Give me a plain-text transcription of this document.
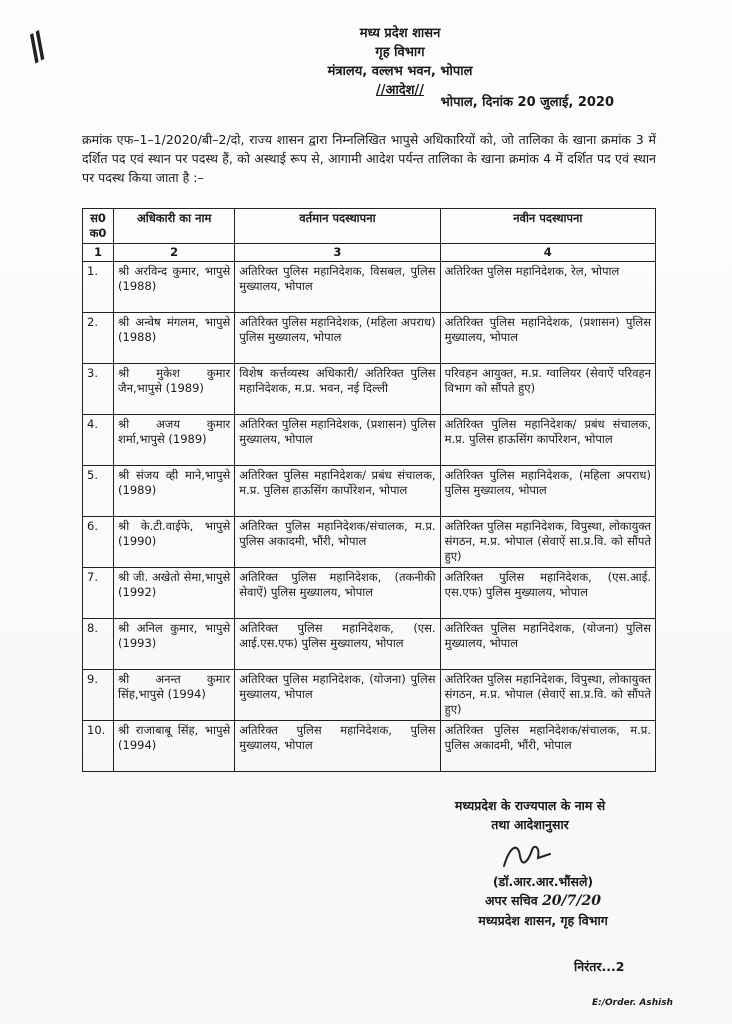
//	मध्य प्रदेश शासन
गृह विभाग
मंत्रालय, वल्लभ भवन, भोपाल
//आदेश//
भोपाल, दिनांक 20 जुलाई, 2020
क्रमांक एफ–1–1/2020/बी–2/दो, राज्य शासन द्वारा निम्नलिखित भापुसे अधिकारियों को, जो तालिका के खाना क्रमांक 3 में दर्शित पद एवं स्थान पर पदस्थ हैं, को अस्थाई रूप से, आगामी आदेश पर्यन्त तालिका के खाना क्रमांक 4 में दर्शित पद एवं स्थान पर पदस्थ किया जाता है :–
स0 क0	अधिकारी का नाम	वर्तमान पदस्थापना	नवीन पदस्थापना
1	2	3	4
1.	श्री अरविन्द कुमार, भापुसे (1988)	अतिरिक्त पुलिस महानिदेशक, विसबल, पुलिस मुख्यालय, भोपाल	अतिरिक्त पुलिस महानिदेशक, रेल, भोपाल
2.	श्री अन्वेष मंगलम, भापुसे (1988)	अतिरिक्त पुलिस महानिदेशक, (महिला अपराध) पुलिस मुख्यालय, भोपाल	अतिरिक्त पुलिस महानिदेशक, (प्रशासन) पुलिस मुख्यालय, भोपाल
3.	श्री मुकेश कुमार जैन,भापुसे (1989)	विशेष कर्त्तव्यस्थ अधिकारी/ अतिरिक्त पुलिस महानिदेशक, म.प्र. भवन, नई दिल्ली	परिवहन आयुक्त, म.प्र. ग्वालियर (सेवाऐं परिवहन विभाग को सौंपते हुए)
4.	श्री अजय कुमार शर्मा,भापुसे (1989)	अतिरिक्त पुलिस महानिदेशक, (प्रशासन) पुलिस मुख्यालय, भोपाल	अतिरिक्त पुलिस महानिदेशक/ प्रबंध संचालक, म.प्र. पुलिस हाऊसिंग कार्पोरेशन, भोपाल
5.	श्री संजय व्ही माने,भापुसे (1989)	अतिरिक्त पुलिस महानिदेशक/ प्रबंध संचालक, म.प्र. पुलिस हाऊसिंग कार्पोरेशन, भोपाल	अतिरिक्त पुलिस महानिदेशक, (महिला अपराध) पुलिस मुख्यालय, भोपाल
6.	श्री के.टी.वाईफे, भापुसे (1990)	अतिरिक्त पुलिस महानिदेशक/संचालक, म.प्र. पुलिस अकादमी, भौंरी, भोपाल	अतिरिक्त पुलिस महानिदेशक, विपुस्था, लोकायुक्त संगठन, म.प्र. भोपाल (सेवाऐं सा.प्र.वि. को सौंपते हुए)
7.	श्री जी. अखेतो सेमा,भापुसे (1992)	अतिरिक्त पुलिस महानिदेशक, (तकनीकी सेवाऐं) पुलिस मुख्यालय, भोपाल	अतिरिक्त पुलिस महानिदेशक, (एस.आई. एस.एफ) पुलिस मुख्यालय, भोपाल
8.	श्री अनिल कुमार, भापुसे (1993)	अतिरिक्त पुलिस महानिदेशक, (एस. आई.एस.एफ) पुलिस मुख्यालय, भोपाल	अतिरिक्त पुलिस महानिदेशक, (योजना) पुलिस मुख्यालय, भोपाल
9.	श्री अनन्त कुमार सिंह,भापुसे (1994)	अतिरिक्त पुलिस महानिदेशक, (योजना) पुलिस मुख्यालय, भोपाल	अतिरिक्त पुलिस महानिदेशक, विपुस्था, लोकायुक्त संगठन, म.प्र. भोपाल (सेवाऐं सा.प्र.वि. को सौंपते हुए)
10.	श्री राजाबाबू सिंह, भापुसे (1994)	अतिरिक्त पुलिस महानिदेशक, पुलिस मुख्यालय, भोपाल	अतिरिक्त पुलिस महानिदेशक/संचालक, म.प्र. पुलिस अकादमी, भौंरी, भोपाल
मध्यप्रदेश के राज्यपाल के नाम से
तथा आदेशानुसार
(डॉ.आर.आर.भौंसले)
अपर सचिव 20/7/20
मध्यप्रदेश शासन, गृह विभाग
निरंतर...2
E:/Order. Ashish
